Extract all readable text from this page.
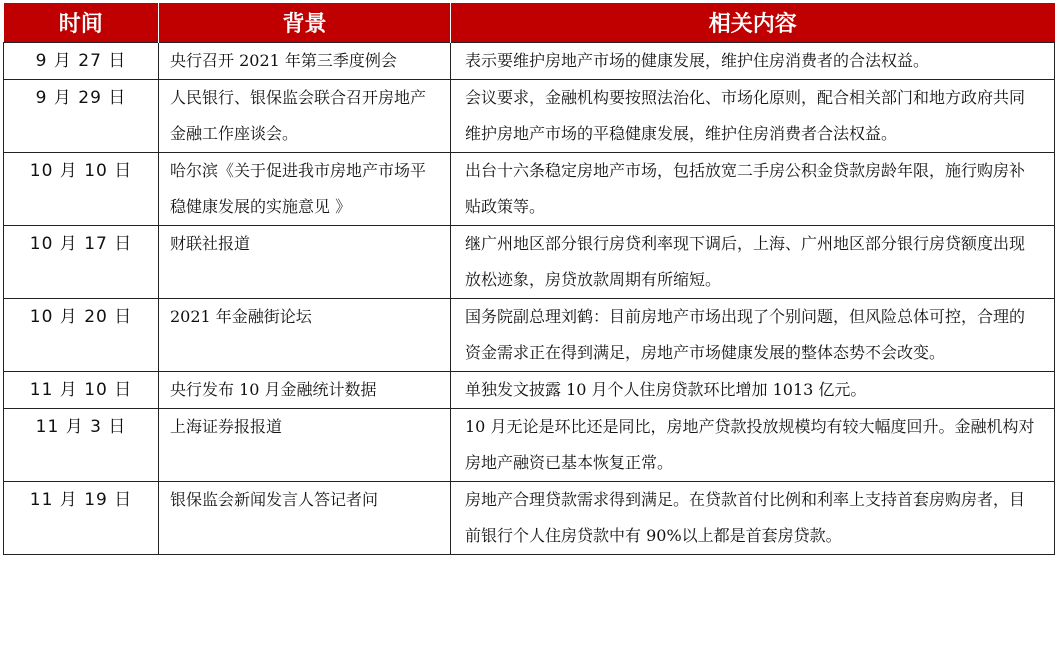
时间	背景	相关内容
9 月 27 日	央行召开 2021 年第三季度例会	表示要维护房地产市场的健康发展，维护住房消费者的合法权益。
9 月 29 日	人民银行、银保监会联合召开房地产金融工作座谈会。	会议要求，金融机构要按照法治化、市场化原则，配合相关部门和地方政府共同维护房地产市场的平稳健康发展，维护住房消费者合法权益。
10 月 10 日	哈尔滨《关于促进我市房地产市场平稳健康发展的实施意见 》	出台十六条稳定房地产市场，包括放宽二手房公积金贷款房龄年限，施行购房补贴政策等。
10 月 17 日	财联社报道	继广州地区部分银行房贷利率现下调后，上海、广州地区部分银行房贷额度出现放松迹象，房贷放款周期有所缩短。
10 月 20 日	2021 年金融街论坛	国务院副总理刘鹤：目前房地产市场出现了个别问题，但风险总体可控，合理的资金需求正在得到满足，房地产市场健康发展的整体态势不会改变。
11 月 10 日	央行发布 10 月金融统计数据	单独发文披露 10 月个人住房贷款环比增加 1013 亿元。
11 月 3 日	上海证券报报道	10 月无论是环比还是同比，房地产贷款投放规模均有较大幅度回升。金融机构对房地产融资已基本恢复正常。
11 月 19 日	银保监会新闻发言人答记者问	房地产合理贷款需求得到满足。在贷款首付比例和利率上支持首套房购房者，目前银行个人住房贷款中有 90%以上都是首套房贷款。
